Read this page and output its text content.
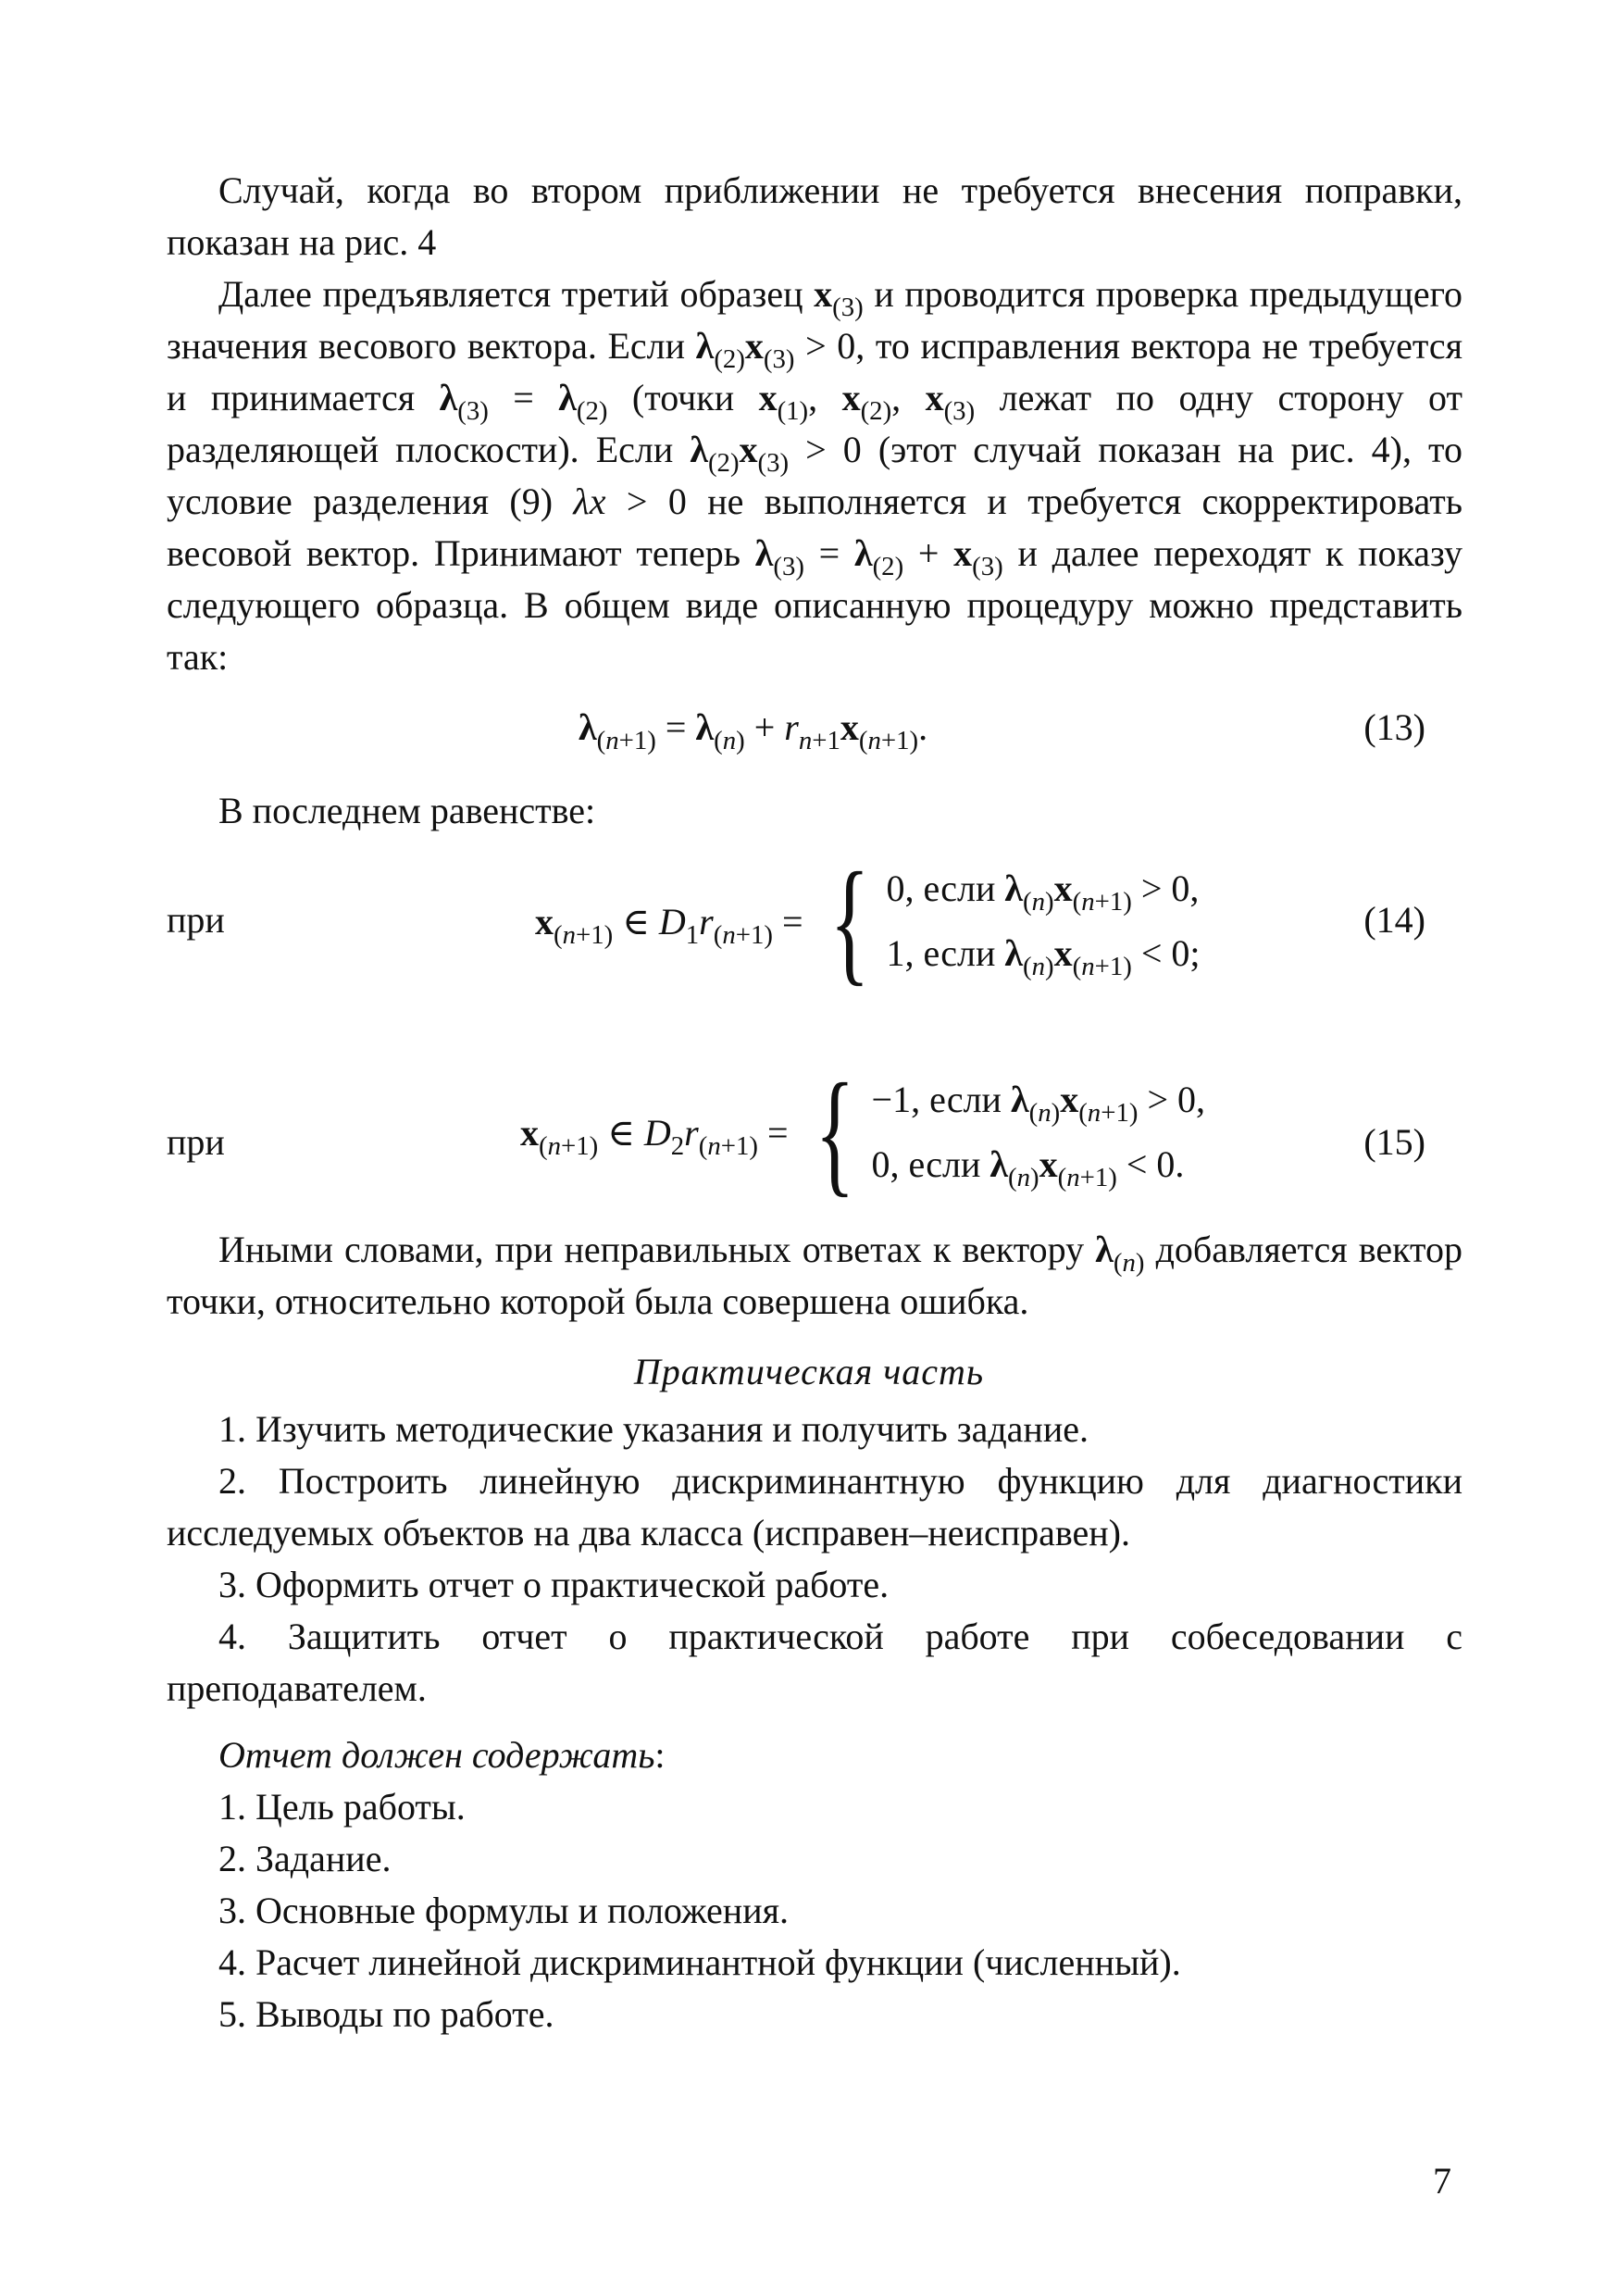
Случай, когда во втором приближении не требуется внесения поправки, показан на рис. 4
Далее предъявляется третий образец $x_{(3)}$ и проводится проверка предыдущего значения весового вектора. Если $\lambda_{(2)}x_{(3)} > 0$, то исправления вектора не требуется и принимается $\lambda_{(3)} = \lambda_{(2)}$ (точки $x_{(1)}$, $x_{(2)}$, $x_{(3)}$ лежат по одну сторону от разделяющей плоскости). Если $\lambda_{(2)}x_{(3)} > 0$ (этот случай показан на рис. 4), то условие разделения (9) λx > 0 не выполняется и требуется скорректировать весовой вектор. Принимают теперь $\lambda_{(3)} = \lambda_{(2)} + x_{(3)}$ и далее переходят к показу следующего образца. В общем виде описанную процедуру можно представить так:
$\lambda_{(n+1)} = \lambda_{(n)} + r_{n+1}x_{(n+1)}$.	(13)
В последнем равенстве:
при	$x_{(n+1)}$ ∈ $D_1r_{(n+1)}$ = { 0, если $\lambda_{(n)}x_{(n+1)} > 0$,
1, если $\lambda_{(n)}x_{(n+1)} < 0$;
(14)
при	$x_{(n+1)}$ ∈ $D_2r_{(n+1)}$ = { −1, если $\lambda_{(n)}x_{(n+1)} > 0$,
0, если $\lambda_{(n)}x_{(n+1)} < 0$.
(15)
Иными словами, при неправильных ответах к вектору $\lambda_{(n)}$ добавляется вектор точки, относительно которой была совершена ошибка.
Практическая часть
1. Изучить методические указания и получить задание.
2. Построить линейную дискриминантную функцию для диагностики исследуемых объектов на два класса (исправен–неисправен).
3. Оформить отчет о практической работе.
4. Защитить отчет о практической работе при собеседовании с преподавателем.
Отчет должен содержать:
1. Цель работы.
2. Задание.
3. Основные формулы и положения.
4. Расчет линейной дискриминантной функции (численный).
5. Выводы по работе.
7
